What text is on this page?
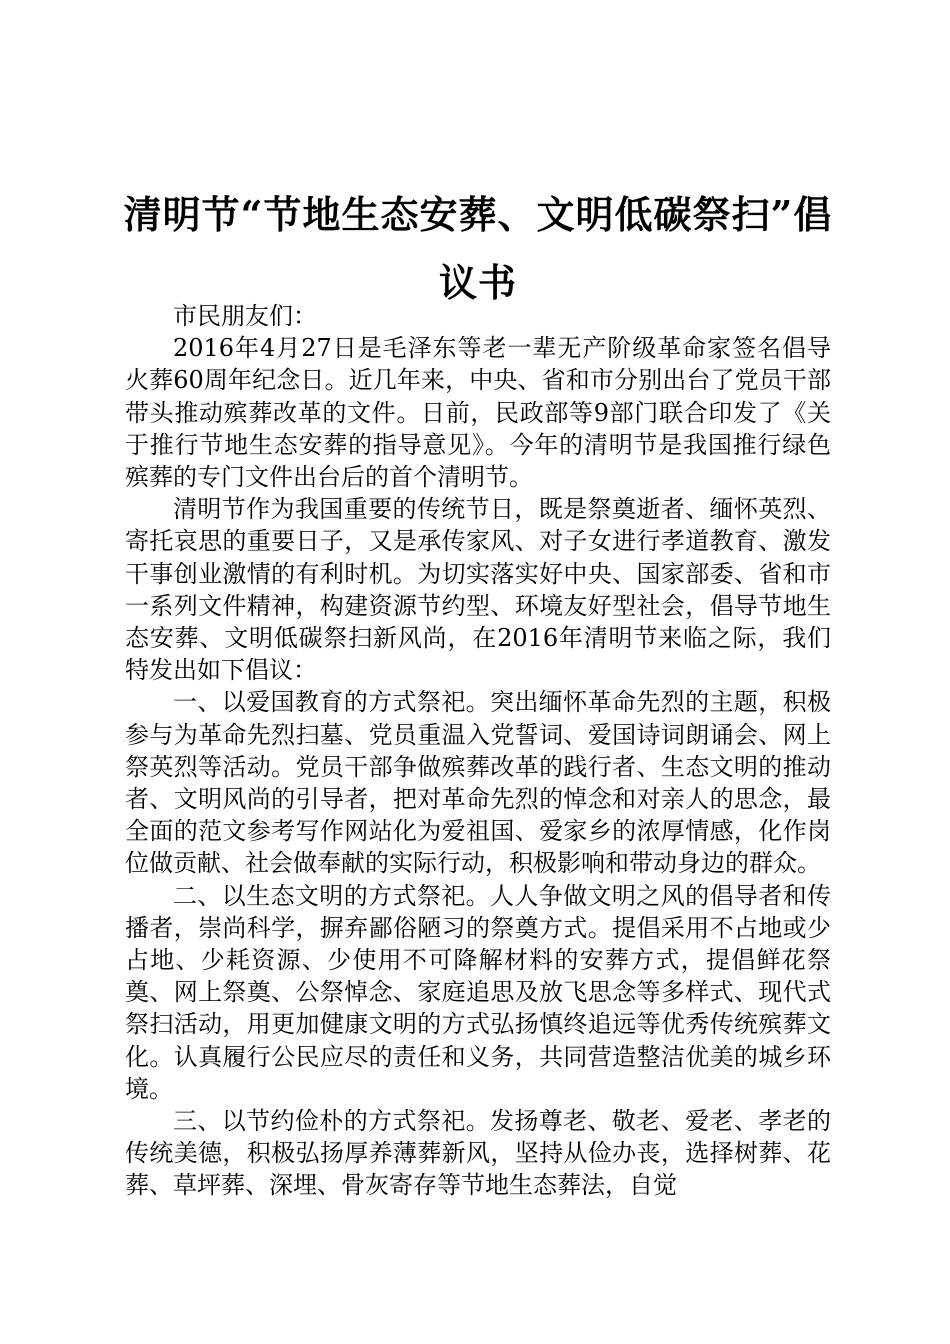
清明节“节地生态安葬、文明低碳祭扫”倡议书

市民朋友们：

2016年4月27日是毛泽东等老一辈无产阶级革命家签名倡导火葬60周年纪念日。近几年来，中央、省和市分别出台了党员干部带头推动殡葬改革的文件。日前，民政部等9部门联合印发了《关于推行节地生态安葬的指导意见》。今年的清明节是我国推行绿色殡葬的专门文件出台后的首个清明节。

清明节作为我国重要的传统节日，既是祭奠逝者、缅怀英烈、寄托哀思的重要日子，又是承传家风、对子女进行孝道教育、激发干事创业激情的有利时机。为切实落实好中央、国家部委、省和市一系列文件精神，构建资源节约型、环境友好型社会，倡导节地生态安葬、文明低碳祭扫新风尚，在2016年清明节来临之际，我们特发出如下倡议：

一、以爱国教育的方式祭祀。突出缅怀革命先烈的主题，积极参与为革命先烈扫墓、党员重温入党誓词、爱国诗词朗诵会、网上祭英烈等活动。党员干部争做殡葬改革的践行者、生态文明的推动者、文明风尚的引导者，把对革命先烈的悼念和对亲人的思念，最全面的范文参考写作网站化为爱祖国、爱家乡的浓厚情感，化作岗位做贡献、社会做奉献的实际行动，积极影响和带动身边的群众。

二、以生态文明的方式祭祀。人人争做文明之风的倡导者和传播者，崇尚科学，摒弃鄙俗陋习的祭奠方式。提倡采用不占地或少占地、少耗资源、少使用不可降解材料的安葬方式，提倡鲜花祭奠、网上祭奠、公祭悼念、家庭追思及放飞思念等多样式、现代式祭扫活动，用更加健康文明的方式弘扬慎终追远等优秀传统殡葬文化。认真履行公民应尽的责任和义务，共同营造整洁优美的城乡环境。

三、以节约俭朴的方式祭祀。发扬尊老、敬老、爱老、孝老的传统美德，积极弘扬厚养薄葬新风，坚持从俭办丧，选择树葬、花葬、草坪葬、深埋、骨灰寄存等节地生态葬法，自觉
